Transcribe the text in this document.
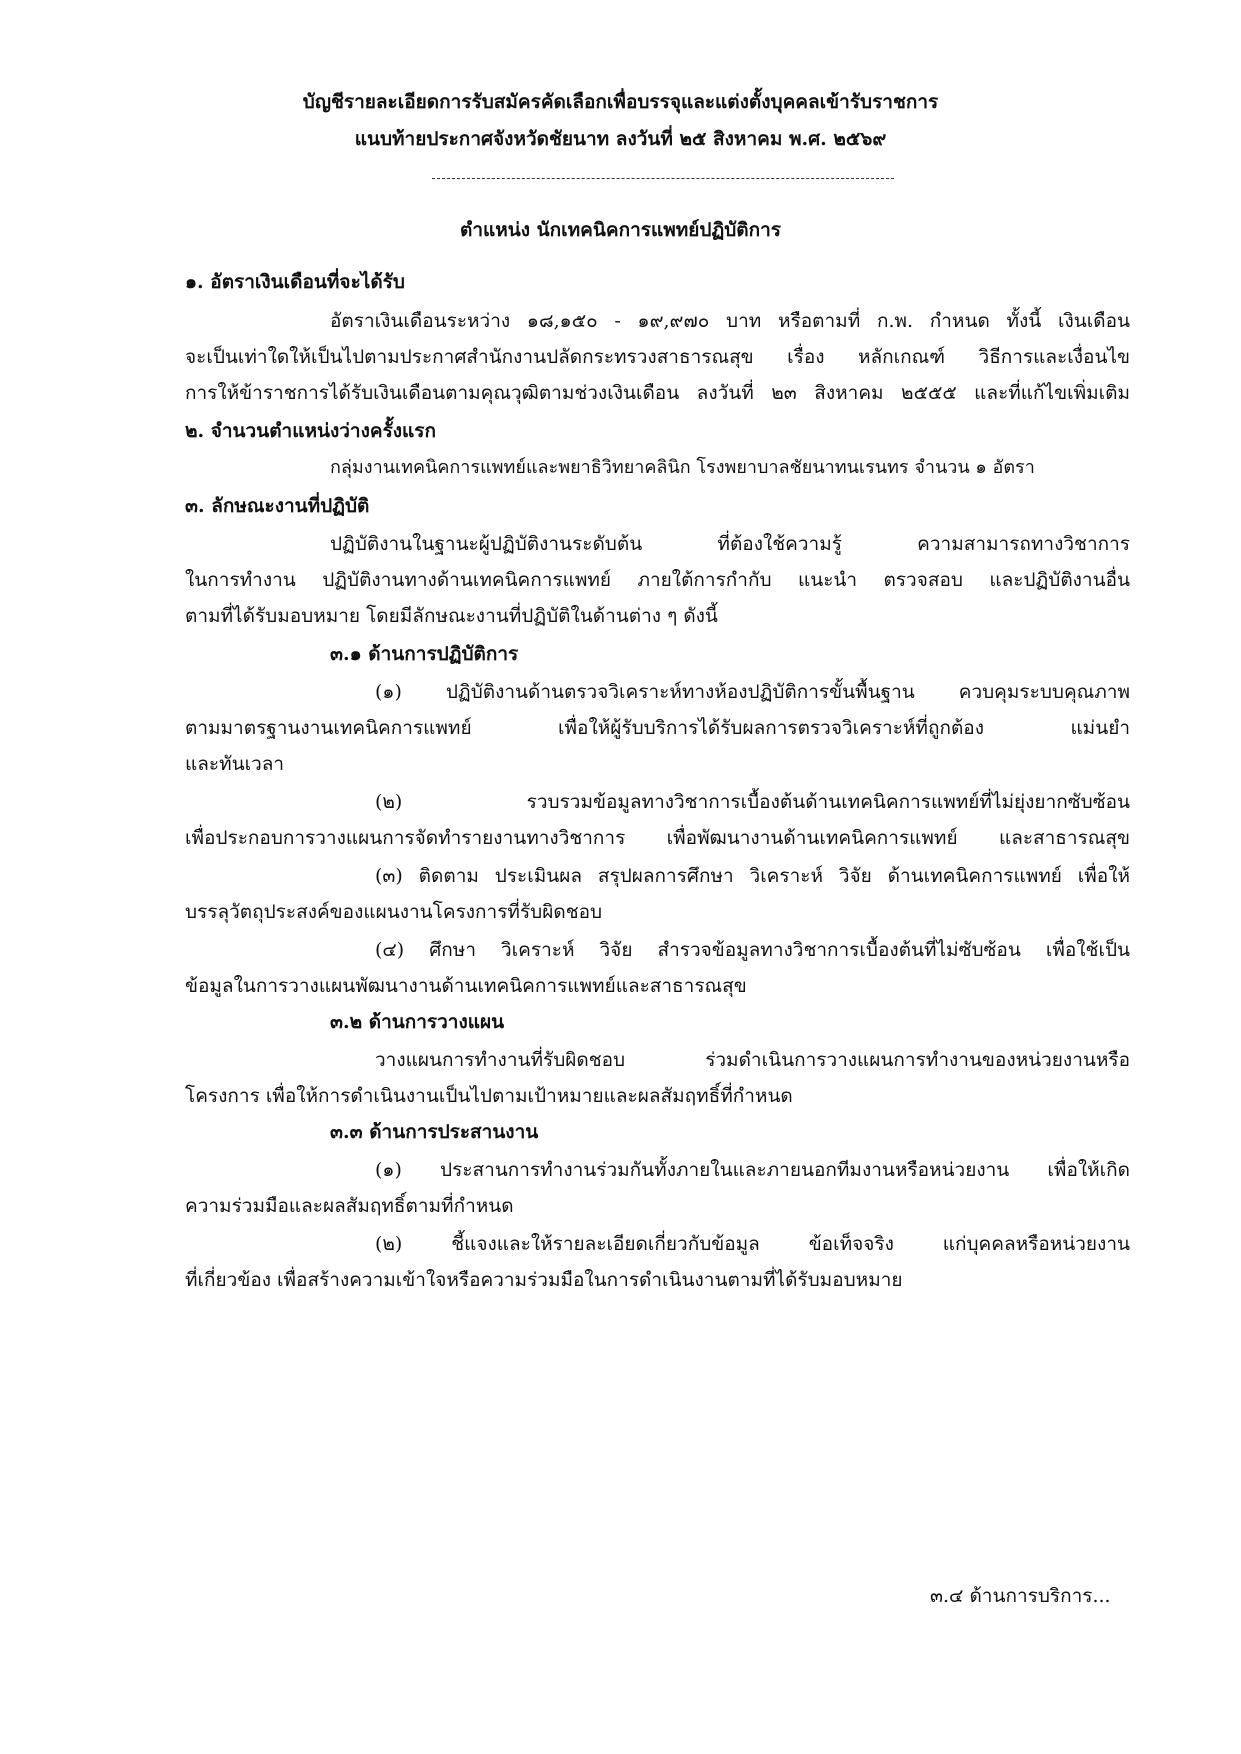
บัญชีรายละเอียดการรับสมัครคัดเลือกเพื่อบรรจุและแต่งตั้งบุคคลเข้ารับราชการ

แนบท้ายประกาศจังหวัดชัยนาท ลงวันที่ ๒๕ สิงหาคม พ.ศ. ๒๕๖๙

ตำแหน่ง นักเทคนิคการแพทย์ปฏิบัติการ

๑. อัตราเงินเดือนที่จะได้รับ

อัตราเงินเดือนระหว่าง ๑๘,๑๕๐ - ๑๙,๙๗๐ บาท หรือตามที่ ก.พ. กำหนด ทั้งนี้ เงินเดือน

จะเป็นเท่าใดให้เป็นไปตามประกาศสำนักงานปลัดกระทรวงสาธารณสุข เรื่อง หลักเกณฑ์ วิธีการและเงื่อนไข

การให้ข้าราชการได้รับเงินเดือนตามคุณวุฒิตามช่วงเงินเดือน ลงวันที่ ๒๓ สิงหาคม ๒๕๕๕ และที่แก้ไขเพิ่มเติม

๒. จำนวนตำแหน่งว่างครั้งแรก

กลุ่มงานเทคนิคการแพทย์และพยาธิวิทยาคลินิก โรงพยาบาลชัยนาทนเรนทร จำนวน ๑ อัตรา

๓. ลักษณะงานที่ปฏิบัติ

ปฏิบัติงานในฐานะผู้ปฏิบัติงานระดับต้น ที่ต้องใช้ความรู้ ความสามารถทางวิชาการ

ในการทำงาน ปฏิบัติงานทางด้านเทคนิคการแพทย์ ภายใต้การกำกับ แนะนำ ตรวจสอบ และปฏิบัติงานอื่น

ตามที่ได้รับมอบหมาย โดยมีลักษณะงานที่ปฏิบัติในด้านต่าง ๆ ดังนี้

๓.๑ ด้านการปฏิบัติการ

(๑) ปฏิบัติงานด้านตรวจวิเคราะห์ทางห้องปฏิบัติการขั้นพื้นฐาน ควบคุมระบบคุณภาพ

ตามมาตรฐานงานเทคนิคการแพทย์ เพื่อให้ผู้รับบริการได้รับผลการตรวจวิเคราะห์ที่ถูกต้อง แม่นยำ

และทันเวลา

(๒) รวบรวมข้อมูลทางวิชาการเบื้องต้นด้านเทคนิคการแพทย์ที่ไม่ยุ่งยากซับซ้อน

เพื่อประกอบการวางแผนการจัดทำรายงานทางวิชาการ เพื่อพัฒนางานด้านเทคนิคการแพทย์ และสาธารณสุข

(๓) ติดตาม ประเมินผล สรุปผลการศึกษา วิเคราะห์ วิจัย ด้านเทคนิคการแพทย์ เพื่อให้

บรรลุวัตถุประสงค์ของแผนงานโครงการที่รับผิดชอบ

(๔) ศึกษา วิเคราะห์ วิจัย สำรวจข้อมูลทางวิชาการเบื้องต้นที่ไม่ซับซ้อน เพื่อใช้เป็น

ข้อมูลในการวางแผนพัฒนางานด้านเทคนิคการแพทย์และสาธารณสุข

๓.๒ ด้านการวางแผน

วางแผนการทำงานที่รับผิดชอบ ร่วมดำเนินการวางแผนการทำงานของหน่วยงานหรือ

โครงการ เพื่อให้การดำเนินงานเป็นไปตามเป้าหมายและผลสัมฤทธิ์ที่กำหนด

๓.๓ ด้านการประสานงาน

(๑) ประสานการทำงานร่วมกันทั้งภายในและภายนอกทีมงานหรือหน่วยงาน เพื่อให้เกิด

ความร่วมมือและผลสัมฤทธิ์ตามที่กำหนด

(๒) ชี้แจงและให้รายละเอียดเกี่ยวกับข้อมูล ข้อเท็จจริง แก่บุคคลหรือหน่วยงาน

ที่เกี่ยวข้อง เพื่อสร้างความเข้าใจหรือความร่วมมือในการดำเนินงานตามที่ได้รับมอบหมาย

๓.๔ ด้านการบริการ...
